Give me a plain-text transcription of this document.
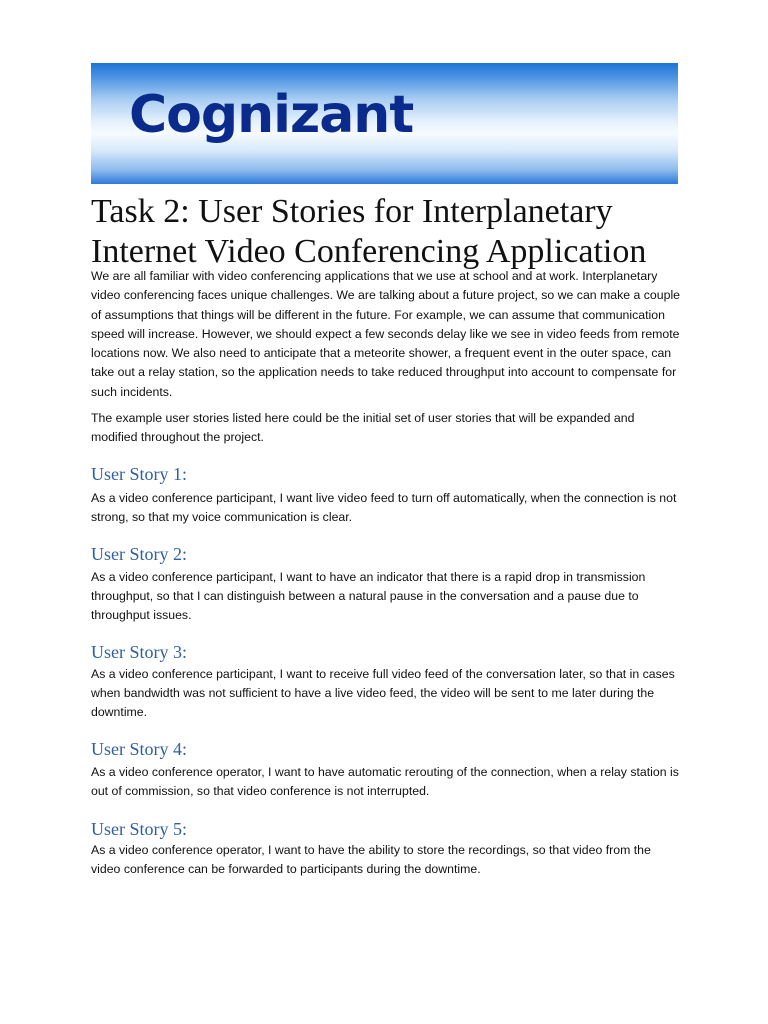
Cognizant
Task 2: User Stories for Interplanetary Internet Video Conferencing Application

We are all familiar with video conferencing applications that we use at school and at work. Interplanetary video conferencing faces unique challenges. We are talking about a future project, so we can make a couple of assumptions that things will be different in the future. For example, we can assume that communication speed will increase. However, we should expect a few seconds delay like we see in video feeds from remote locations now. We also need to anticipate that a meteorite shower, a frequent event in the outer space, can take out a relay station, so the application needs to take reduced throughput into account to compensate for such incidents.

The example user stories listed here could be the initial set of user stories that will be expanded and modified throughout the project.

User Story 1:

As a video conference participant, I want live video feed to turn off automatically, when the connection is not strong, so that my voice communication is clear.

User Story 2:

As a video conference participant, I want to have an indicator that there is a rapid drop in transmission throughput, so that I can distinguish between a natural pause in the conversation and a pause due to throughput issues.

User Story 3:

As a video conference participant, I want to receive full video feed of the conversation later, so that in cases when bandwidth was not sufficient to have a live video feed, the video will be sent to me later during the downtime.

User Story 4:

As a video conference operator, I want to have automatic rerouting of the connection, when a relay station is out of commission, so that video conference is not interrupted.

User Story 5:

As a video conference operator, I want to have the ability to store the recordings, so that video from the video conference can be forwarded to participants during the downtime.
